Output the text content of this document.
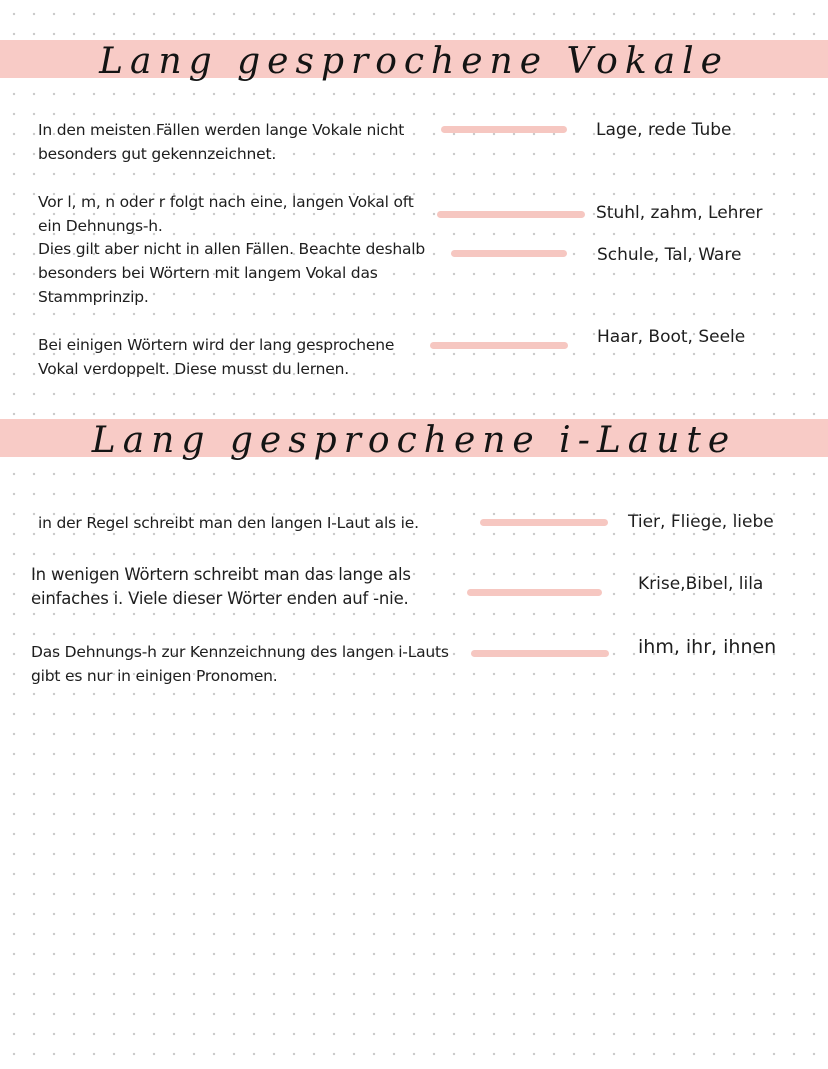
Lang gesprochene Vokale
In den meisten Fällen werden lange Vokale nicht besonders gut gekennzeichnet.
Lage, rede Tube
Vor l, m, n oder r folgt nach eine, langen Vokal oft ein Dehnungs-h.
Stuhl, zahm, Lehrer
Dies gilt aber nicht in allen Fällen. Beachte deshalb besonders bei Wörtern mit langem Vokal das Stammprinzip.
Schule, Tal, Ware
Bei einigen Wörtern wird der lang gesprochene Vokal verdoppelt. Diese musst du lernen.
Haar, Boot, Seele
Lang gesprochene i-Laute
in der Regel schreibt man den langen I-Laut als ie.	Tier, Fliege, liebe
In wenigen Wörtern schreibt man das lange als einfaches i. Viele dieser Wörter enden auf -nie.
Krise,Bibel, lila
Das Dehnungs-h zur Kennzeichnung des langen i-Lauts gibt es nur in einigen Pronomen.
ihm, ihr, ihnen
